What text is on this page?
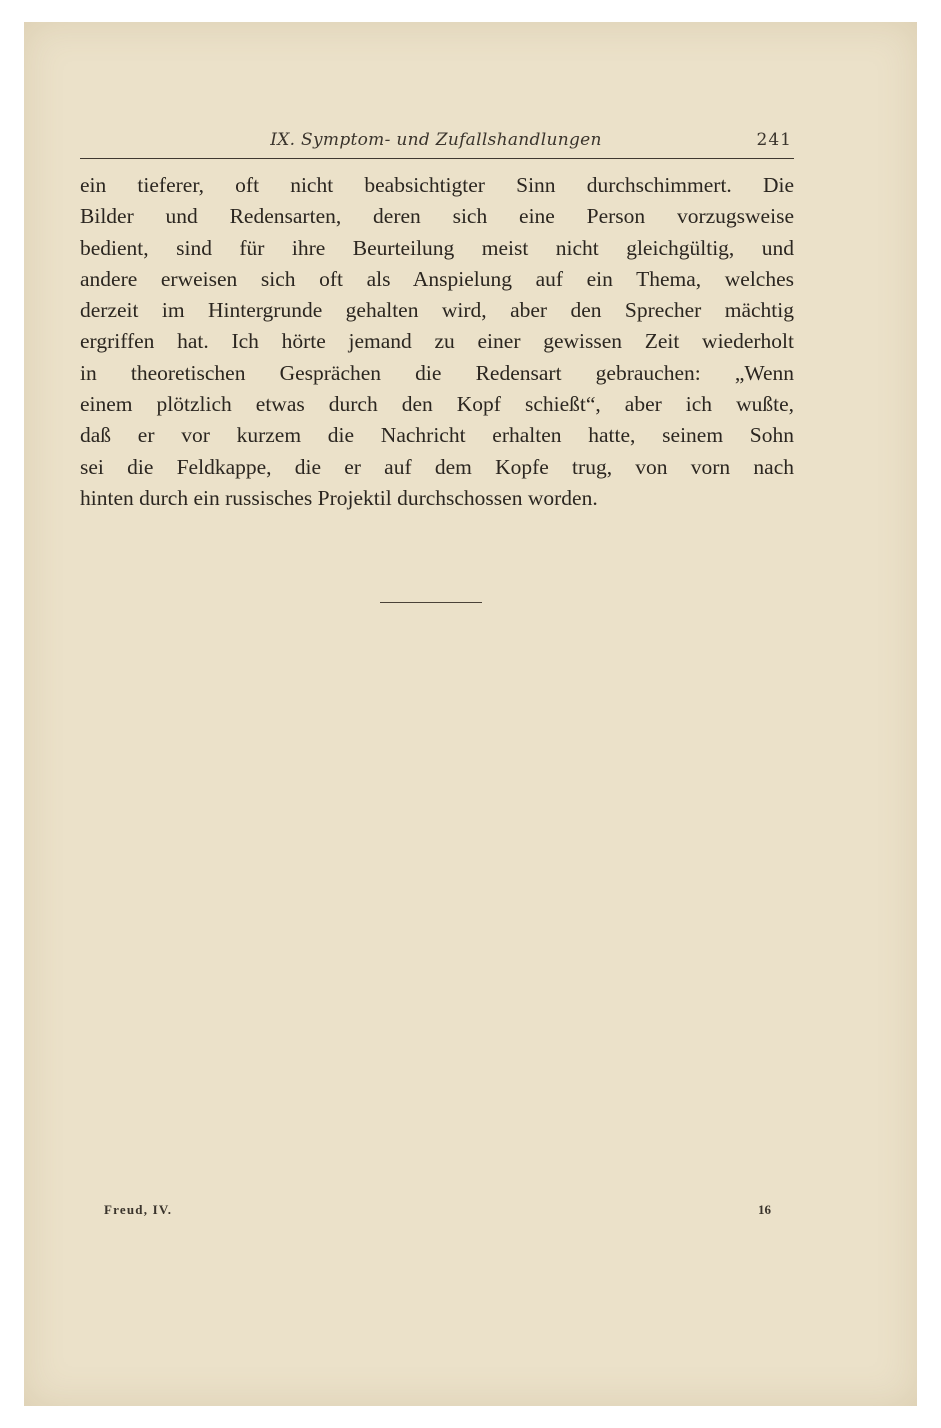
IX. Symptom- und Zufallshandlungen	241
ein tieferer, oft nicht beabsichtigter Sinn durchschimmert. Die
Bilder und Redensarten, deren sich eine Person vorzugsweise
bedient, sind für ihre Beurteilung meist nicht gleichgültig, und
andere erweisen sich oft als Anspielung auf ein Thema, welches
derzeit im Hintergrunde gehalten wird, aber den Sprecher mächtig
ergriffen hat. Ich hörte jemand zu einer gewissen Zeit wiederholt
in theoretischen Gesprächen die Redensart gebrauchen: „Wenn
einem plötzlich etwas durch den Kopf schießt“, aber ich wußte,
daß er vor kurzem die Nachricht erhalten hatte, seinem Sohn
sei die Feldkappe, die er auf dem Kopfe trug, von vorn nach
hinten durch ein russisches Projektil durchschossen worden.
Freud, IV.	16
